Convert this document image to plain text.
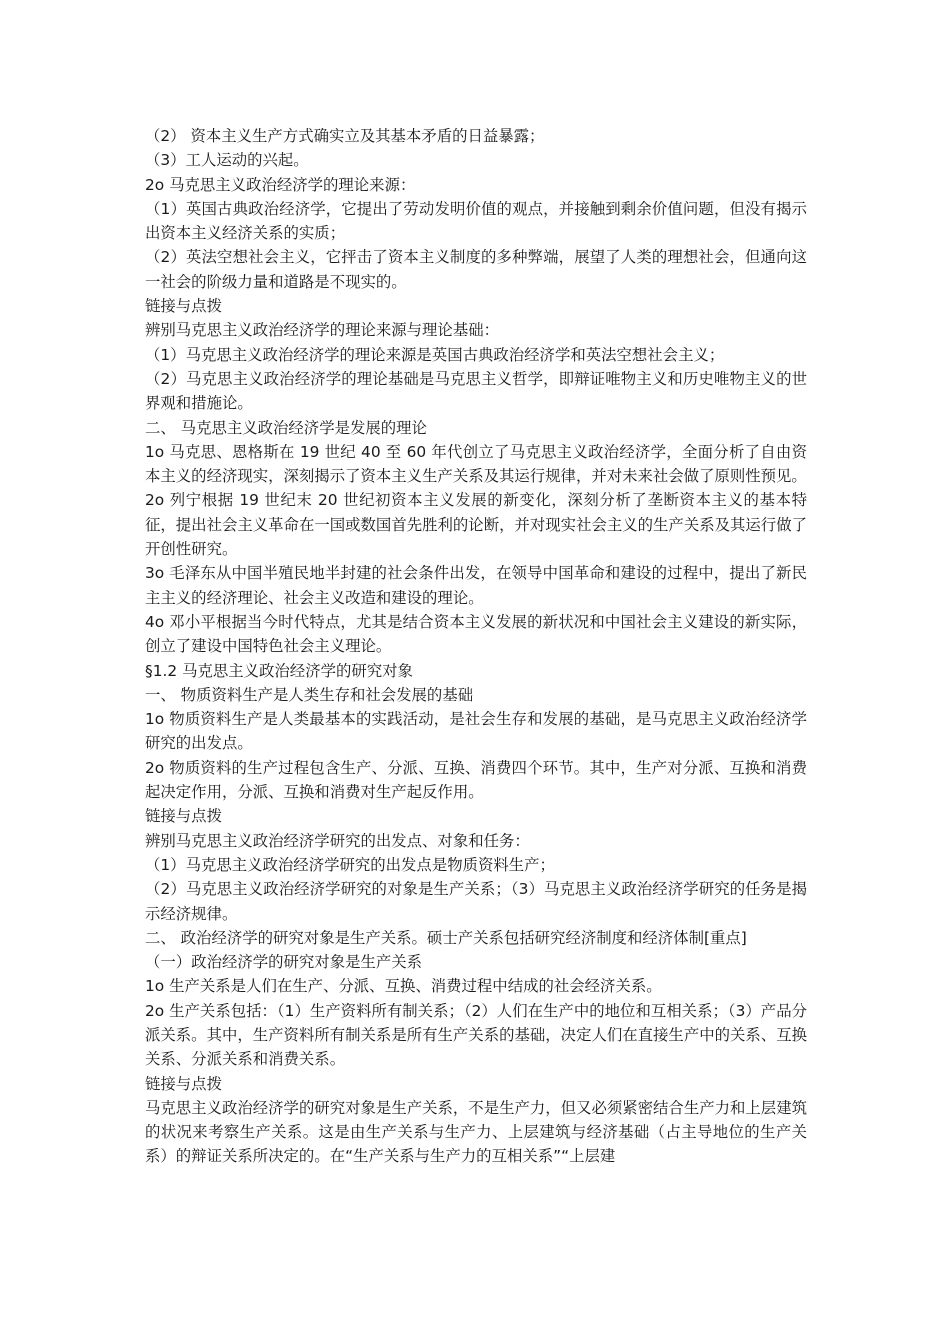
（2） 资本主义生产方式确实立及其基本矛盾的日益暴露；

（3）工人运动的兴起。

2o 马克思主义政治经济学的理论来源：

（1）英国古典政治经济学，它提出了劳动发明价值的观点，并接触到剩余价值问题，但没有揭示出资本主义经济关系的实质；

（2）英法空想社会主义，它抨击了资本主义制度的多种弊端，展望了人类的理想社会，但通向这一社会的阶级力量和道路是不现实的。

链接与点拨

辨别马克思主义政治经济学的理论来源与理论基础：

（1）马克思主义政治经济学的理论来源是英国古典政治经济学和英法空想社会主义；

（2）马克思主义政治经济学的理论基础是马克思主义哲学，即辩证唯物主义和历史唯物主义的世界观和措施论。

二、 马克思主义政治经济学是发展的理论

1o 马克思、恩格斯在 19 世纪 40 至 60 年代创立了马克思主义政治经济学，全面分析了自由资本主义的经济现实，深刻揭示了资本主义生产关系及其运行规律，并对未来社会做了原则性预见。

2o 列宁根据 19 世纪末 20 世纪初资本主义发展的新变化，深刻分析了垄断资本主义的基本特征，提出社会主义革命在一国或数国首先胜利的论断，并对现实社会主义的生产关系及其运行做了开创性研究。

3o 毛泽东从中国半殖民地半封建的社会条件出发，在领导中国革命和建设的过程中，提出了新民主主义的经济理论、社会主义改造和建设的理论。

4o 邓小平根据当今时代特点，尤其是结合资本主义发展的新状况和中国社会主义建设的新实际，创立了建设中国特色社会主义理论。

§1.2 马克思主义政治经济学的研究对象

一、 物质资料生产是人类生存和社会发展的基础

1o 物质资料生产是人类最基本的实践活动，是社会生存和发展的基础，是马克思主义政治经济学研究的出发点。

2o 物质资料的生产过程包含生产、分派、互换、消费四个环节。其中，生产对分派、互换和消费起决定作用，分派、互换和消费对生产起反作用。

链接与点拨

辨别马克思主义政治经济学研究的出发点、对象和任务：

（1）马克思主义政治经济学研究的出发点是物质资料生产；

（2）马克思主义政治经济学研究的对象是生产关系；（3）马克思主义政治经济学研究的任务是揭示经济规律。

二、 政治经济学的研究对象是生产关系。硕士产关系包括研究经济制度和经济体制[重点]

（一）政治经济学的研究对象是生产关系

1o 生产关系是人们在生产、分派、互换、消费过程中结成的社会经济关系。

2o 生产关系包括：（1）生产资料所有制关系；（2）人们在生产中的地位和互相关系；（3）产品分派关系。其中，生产资料所有制关系是所有生产关系的基础，决定人们在直接生产中的关系、互换关系、分派关系和消费关系。

链接与点拨

马克思主义政治经济学的研究对象是生产关系，不是生产力，但又必须紧密结合生产力和上层建筑的状况来考察生产关系。这是由生产关系与生产力、上层建筑与经济基础（占主导地位的生产关系）的辩证关系所决定的。在“生产关系与生产力的互相关系”“上层建
